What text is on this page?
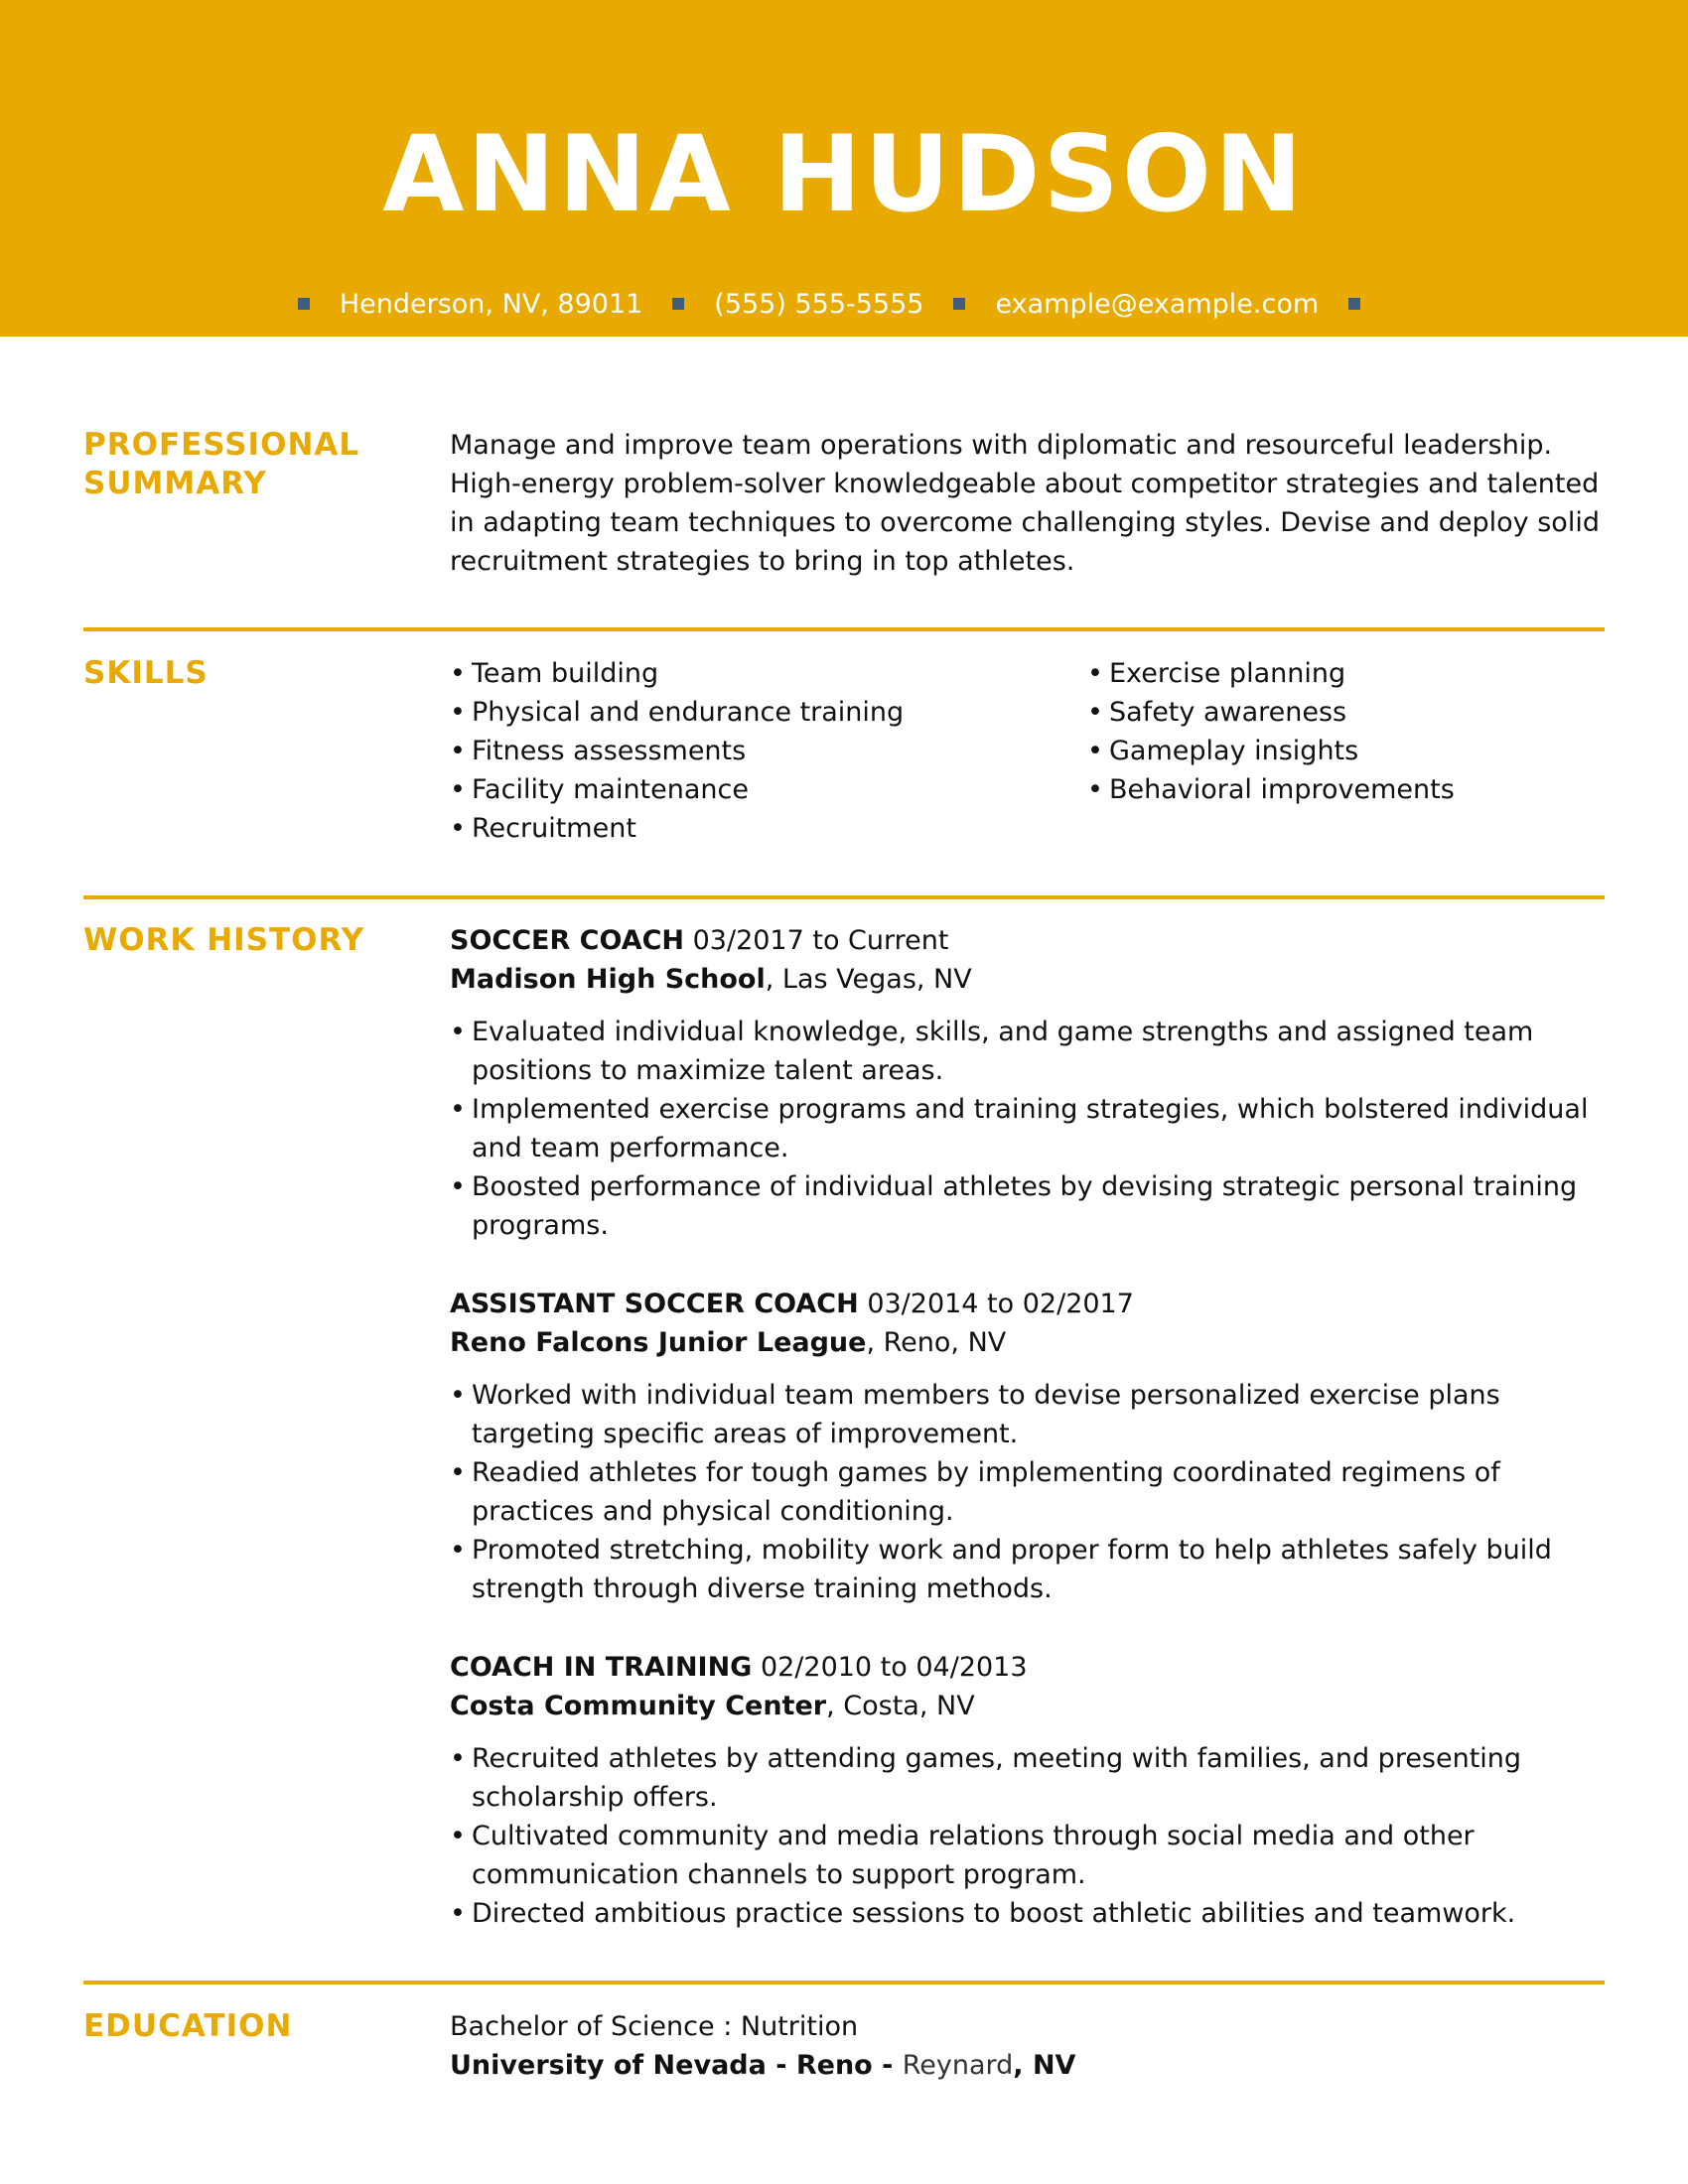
ANNA HUDSON
Henderson, NV, 89011	(555) 555-5555	example@example.com
PROFESSIONAL
SUMMARY
Manage and improve team operations with diplomatic and resourceful leadership. High-energy problem-solver knowledgeable about competitor strategies and talented in adapting team techniques to overcome challenging styles. Devise and deploy solid recruitment strategies to bring in top athletes.
SKILLS
•	Team building
• Physical and endurance training
• Fitness assessments
• Facility maintenance
• Recruitment
• Exercise planning
• Safety awareness
• Gameplay insights
• Behavioral improvements
WORK HISTORY	SOCCER COACH 03/2017 to Current

Madison High School, Las Vegas, NV

• Evaluated individual knowledge, skills, and game strengths and assigned team positions to maximize talent areas.
• Implemented exercise programs and training strategies, which bolstered individual and team performance.
• Boosted performance of individual athletes by devising strategic personal training programs.

ASSISTANT SOCCER COACH 03/2014 to 02/2017

Reno Falcons Junior League, Reno, NV

• Worked with individual team members to devise personalized exercise plans targeting specific areas of improvement.
• Readied athletes for tough games by implementing coordinated regimens of practices and physical conditioning.
• Promoted stretching, mobility work and proper form to help athletes safely build strength through diverse training methods.

COACH IN TRAINING 02/2010 to 04/2013

Costa Community Center, Costa, NV

• Recruited athletes by attending games, meeting with families, and presenting scholarship offers.
• Cultivated community and media relations through social media and other communication channels to support program.
• Directed ambitious practice sessions to boost athletic abilities and teamwork.
EDUCATION	Bachelor of Science : Nutrition

University of Nevada - Reno - Reynard, NV
